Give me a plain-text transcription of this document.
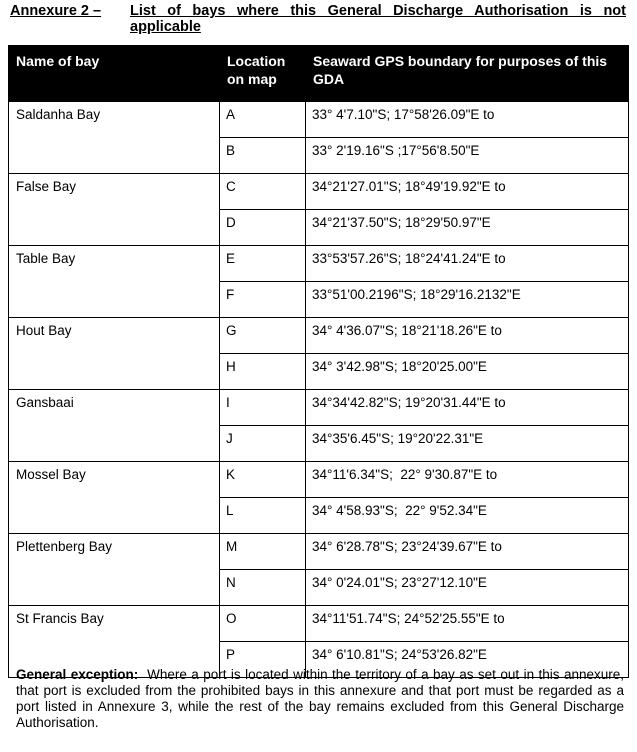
Annexure 2 – List of bays where this General Discharge Authorisation is not applicable
Name of bay	Location on map	Seaward GPS boundary for purposes of this GDA
Saldanha Bay	A	33° 4'7.10"S; 17°58'26.09"E to
	B	33° 2'19.16"S ;17°56'8.50"E
False Bay	C	34°21'27.01"S; 18°49'19.92"E to
	D	34°21'37.50"S; 18°29'50.97"E
Table Bay	E	33°53'57.26"S; 18°24'41.24"E to
	F	33°51'00.2196"S; 18°29'16.2132"E
Hout Bay	G	34° 4'36.07"S; 18°21'18.26"E to
	H	34° 3'42.98"S; 18°20'25.00"E
Gansbaai	I	34°34'42.82"S; 19°20'31.44"E to
	J	34°35'6.45"S; 19°20'22.31"E
Mossel Bay	K	34°11'6.34"S;  22° 9'30.87"E to
	L	34° 4'58.93"S;  22° 9'52.34"E
Plettenberg Bay	M	34° 6'28.78"S; 23°24'39.67"E to
	N	34° 0'24.01"S; 23°27'12.10"E
St Francis Bay	O	34°11'51.74"S; 24°52'25.55"E to
	P	34° 6'10.81"S; 24°53'26.82"E
General exception: Where a port is located within the territory of a bay as set out in this annexure, that port is excluded from the prohibited bays in this annexure and that port must be regarded as a port listed in Annexure 3, while the rest of the bay remains excluded from this General Discharge Authorisation.
